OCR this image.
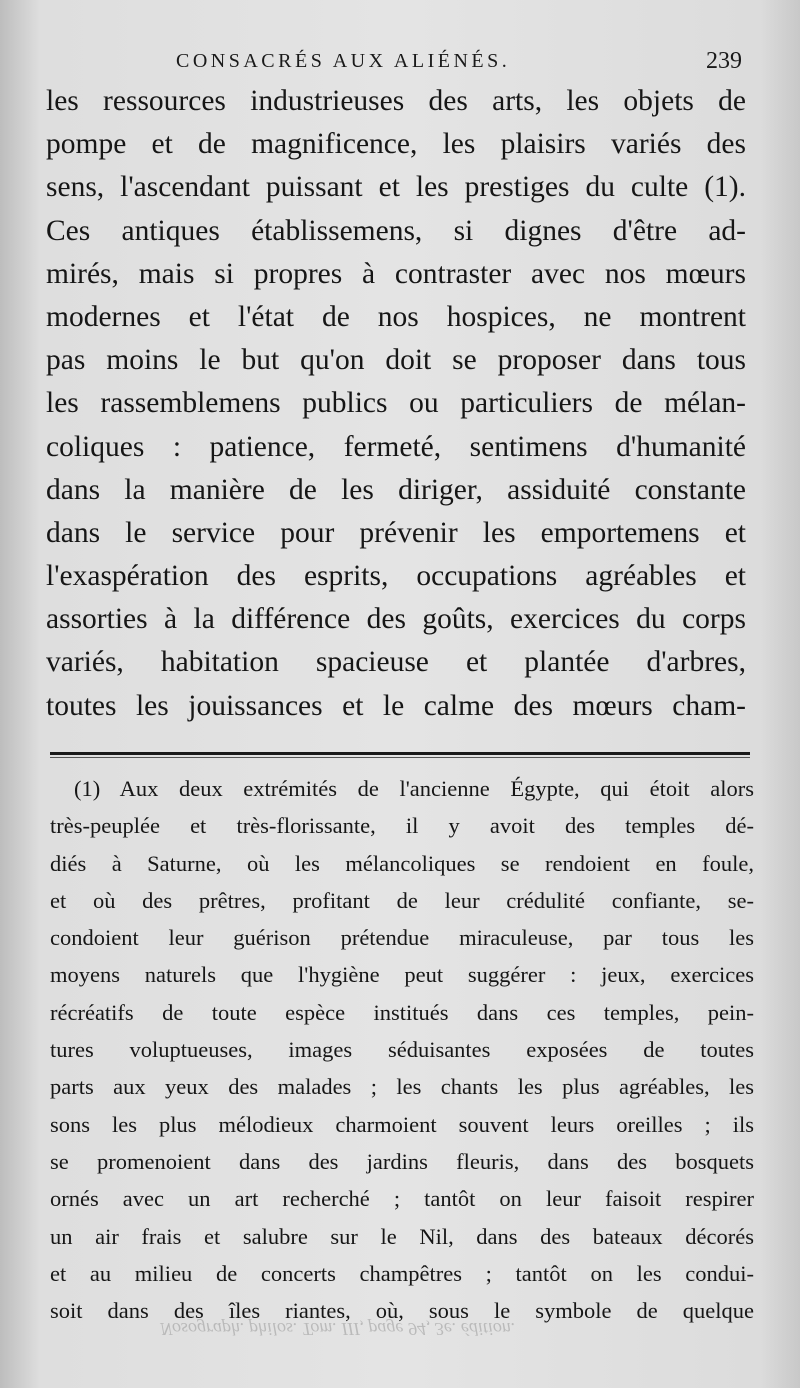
Nosograph. philos. Tom. III, page 94, 3e. édition.
CONSACRÉS AUX ALIÉNÉS.	239
les ressources industrieuses des arts, les objets de
pompe et de magnificence, les plaisirs variés des
sens, l'ascendant puissant et les prestiges du culte (1).
Ces antiques établissemens, si dignes d'être ad-
mirés, mais si propres à contraster avec nos mœurs
modernes et l'état de nos hospices, ne montrent
pas moins le but qu'on doit se proposer dans tous
les rassemblemens publics ou particuliers de mélan-
coliques : patience, fermeté, sentimens d'humanité
dans la manière de les diriger, assiduité constante
dans le service pour prévenir les emportemens et
l'exaspération des esprits, occupations agréables et
assorties à la différence des goûts, exercices du corps
variés, habitation spacieuse et plantée d'arbres,
toutes les jouissances et le calme des mœurs cham-
(1) Aux deux extrémités de l'ancienne Égypte, qui étoit alors
très-peuplée et très-florissante, il y avoit des temples dé-
diés à Saturne, où les mélancoliques se rendoient en foule,
et où des prêtres, profitant de leur crédulité confiante, se-
condoient leur guérison prétendue miraculeuse, par tous les
moyens naturels que l'hygiène peut suggérer : jeux, exercices
récréatifs de toute espèce institués dans ces temples, pein-
tures voluptueuses, images séduisantes exposées de toutes
parts aux yeux des malades ; les chants les plus agréables, les
sons les plus mélodieux charmoient souvent leurs oreilles ; ils
se promenoient dans des jardins fleuris, dans des bosquets
ornés avec un art recherché ; tantôt on leur faisoit respirer
un air frais et salubre sur le Nil, dans des bateaux décorés
et au milieu de concerts champêtres ; tantôt on les condui-
soit dans des îles riantes, où, sous le symbole de quelque
